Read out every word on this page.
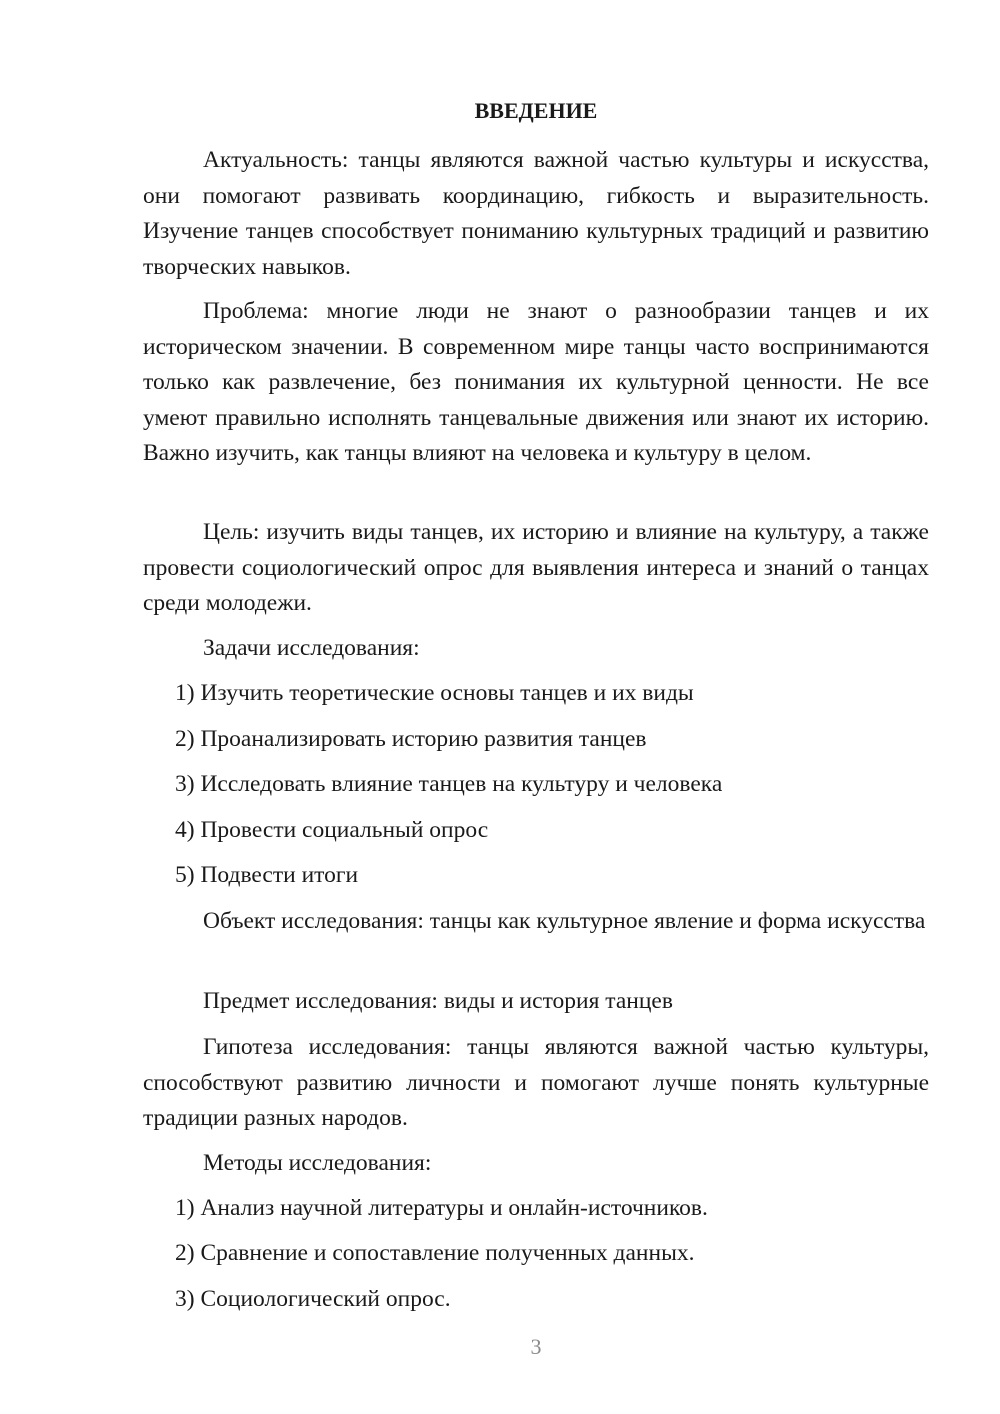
ВВЕДЕНИЕ

Актуальность: танцы являются важной частью культуры и искусства, они помогают развивать координацию, гибкость и выразительность. Изучение танцев способствует пониманию культурных традиций и развитию творческих навыков.

Проблема: многие люди не знают о разнообразии танцев и их историческом значении. В современном мире танцы часто воспринимаются только как развлечение, без понимания их культурной ценности. Не все умеют правильно исполнять танцевальные движения или знают их историю. Важно изучить, как танцы влияют на человека и культуру в целом.

Цель: изучить виды танцев, их историю и влияние на культуру, а также провести социологический опрос для выявления интереса и знаний о танцах среди молодежи.

Задачи исследования:

1) Изучить теоретические основы танцев и их виды

2) Проанализировать историю развития танцев

3) Исследовать влияние танцев на культуру и человека

4) Провести социальный опрос

5) Подвести итоги

Объект исследования: танцы как культурное явление и форма искусства

Предмет исследования: виды и история танцев

Гипотеза исследования: танцы являются важной частью культуры, способствуют развитию личности и помогают лучше понять культурные традиции разных народов.

Методы исследования:

1) Анализ научной литературы и онлайн-источников.

2) Сравнение и сопоставление полученных данных.

3) Социологический опрос.

3
